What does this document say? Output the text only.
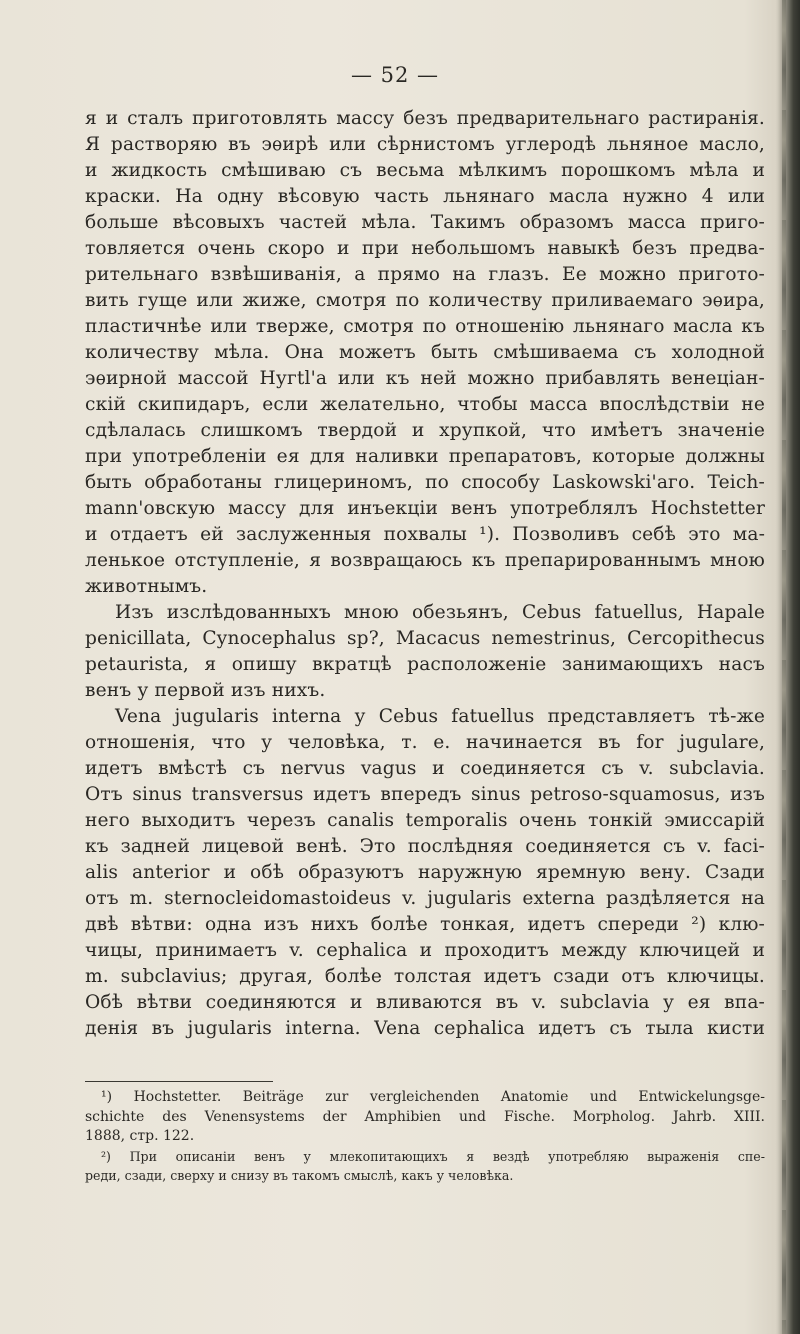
— 52 —
я и сталъ приготовлять массу безъ предварительнаго растиранія.
Я растворяю въ эѳирѣ или сѣрнистомъ углеродѣ льняное масло,
и жидкость смѣшиваю съ весьма мѣлкимъ порошкомъ мѣла и
краски. На одну вѣсовую часть льнянаго масла нужно 4 или
больше вѣсовыхъ частей мѣла. Такимъ образомъ масса приго-
товляется очень скоро и при небольшомъ навыкѣ безъ предва-
рительнаго взвѣшиванія, а прямо на глазъ. Ее можно пригото-
вить гуще или жиже, смотря по количеству приливаемаго эѳира,
пластичнѣе или тверже, смотря по отношенію льнянаго масла къ
количеству мѣла. Она можетъ быть смѣшиваема съ холодной
эѳирной массой Нугtl'а или къ ней можно прибавлять венеціан-
скій скипидаръ, если желательно, чтобы масса впослѣдствіи не
сдѣлалась слишкомъ твердой и хрупкой, что имѣетъ значеніе
при употребленіи ея для наливки препаратовъ, которые должны
быть обработаны глицериномъ, по способу Laskowski'аго. Teich-
mann'овскую массу для инъекціи венъ употреблялъ Hochstetter
и отдаетъ ей заслуженныя похвалы ¹). Позволивъ себѣ это ма-
ленькое отступленіе, я возвращаюсь къ препарированнымъ мною
животнымъ.
Изъ изслѣдованныхъ мною обезьянъ, Cebus fatuellus, Hapale
penicillata, Cynocephalus sp?, Macacus nemestrinus, Cercopithecus
petaurista, я опишу вкратцѣ расположеніе занимающихъ насъ
венъ у первой изъ нихъ.
Vena jugularis interna у Cebus fatuellus представляетъ тѣ-же
отношенія, что у человѣка, т. е. начинается въ for jugulare,
идетъ вмѣстѣ съ nervus vagus и соединяется съ v. subclavia.
Отъ sinus transversus идетъ впередъ sinus petroso-squamosus, изъ
него выходитъ черезъ canalis temporalis очень тонкій эмиссарій
къ задней лицевой венѣ. Это послѣдняя соединяется съ v. faci-
alis anterior и обѣ образуютъ наружную яремную вену. Сзади
отъ m. sternocleidomastoideus v. jugularis externa раздѣляется на
двѣ вѣтви: одна изъ нихъ болѣе тонкая, идетъ спереди ²) клю-
чицы, принимаетъ v. cephalica и проходитъ между ключицей и
m. subclavius; другая, болѣе толстая идетъ сзади отъ ключицы.
Обѣ вѣтви соединяются и вливаются въ v. subclavia у ея впа-
денія въ jugularis interna. Vena cephalica идетъ съ тыла кисти
¹) Hochstetter. Beiträge zur vergleichenden Anatomie und Entwickelungsge-
schichte des Venensystems der Amphibien und Fische. Morpholog. Jahrb. XIII.
1888, стр. 122.
²) При описаніи венъ у млекопитающихъ я вездѣ употребляю выраженія спе-
реди, сзади, сверху и снизу въ такомъ смыслѣ, какъ у человѣка.
